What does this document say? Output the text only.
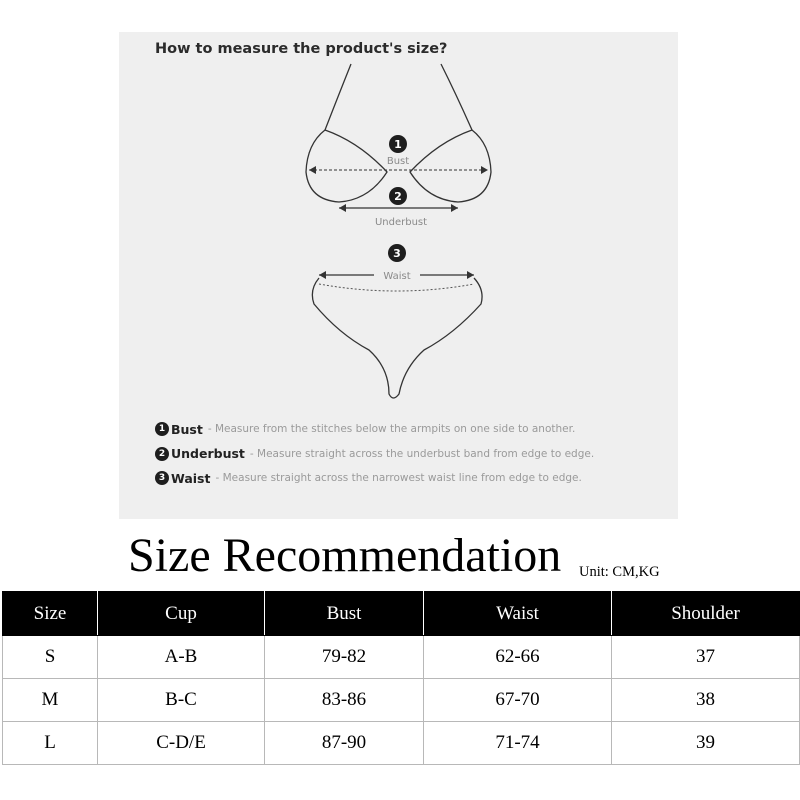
How to measure the product's size?
1
Bust
2
Underbust
3
Waist
1 Bust - Measure from the stitches below the armpits on one side to another.
2 Underbust - Measure straight across the underbust band from edge to edge.
3 Waist - Measure straight across the narrowest waist line from edge to edge.
Size Recommendation Unit: CM,KG
Size	Cup	Bust	Waist	Shoulder
S	A-B	79-82	62-66	37
M	B-C	83-86	67-70	38
L	C-D/E	87-90	71-74	39
